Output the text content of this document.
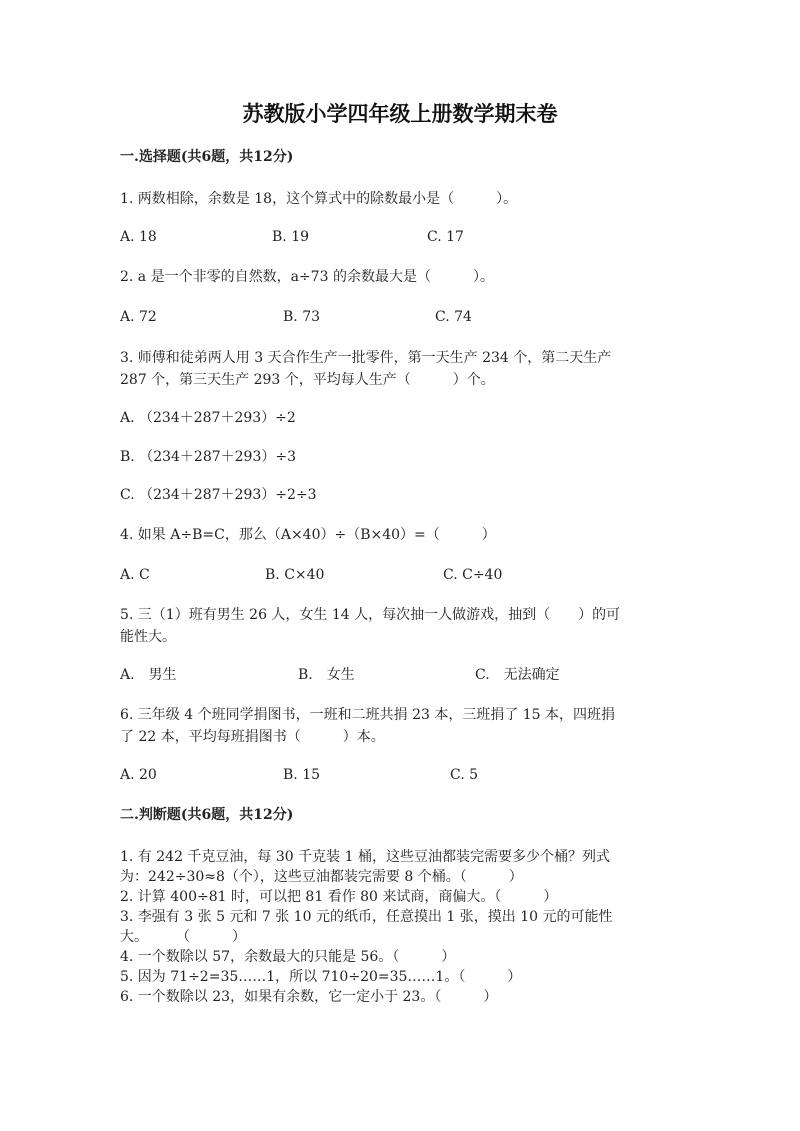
苏教版小学四年级上册数学期末卷
一.选择题(共6题，共12分)
1. 两数相除，余数是 18，这个算式中的除数最小是（　　　）。
A. 18	B. 19	C. 17
2. a 是一个非零的自然数，a÷73 的余数最大是（　　　）。
A. 72	B. 73	C. 74
3. 师傅和徒弟两人用 3 天合作生产一批零件，第一天生产 234 个，第二天生产
287 个，第三天生产 293 个，平均每人生产（　　　）个。
A. （234＋287＋293）÷2
B. （234＋287＋293）÷3
C. （234＋287＋293）÷2÷3
4. 如果 A÷B=C，那么（A×40）÷（B×40）=（　　　）
A. C	B. C×40	C. C÷40
5. 三（1）班有男生 26 人，女生 14 人，每次抽一人做游戏，抽到（　　）的可
能性大。
A.　男生	B.　女生	C.　无法确定
6. 三年级 4 个班同学捐图书，一班和二班共捐 23 本，三班捐了 15 本，四班捐
了 22 本，平均每班捐图书（　　　）本。
A. 20	B. 15	C. 5
二.判断题(共6题，共12分)
1. 有 242 千克豆油，每 30 千克装 1 桶，这些豆油都装完需要多少个桶？列式
为：242÷30≈8（个），这些豆油都装完需要 8 个桶。（　　　）
2. 计算 400÷81 时，可以把 81 看作 80 来试商，商偏大。（　　　）
3. 李强有 3 张 5 元和 7 张 10 元的纸币，任意摸出 1 张，摸出 10 元的可能性
大。　　　（　　　）
4. 一个数除以 57，余数最大的只能是 56。（　　　）
5. 因为 71÷2=35……1，所以 710÷20=35……1。（　　　）
6. 一个数除以 23，如果有余数，它一定小于 23。（　　　）
